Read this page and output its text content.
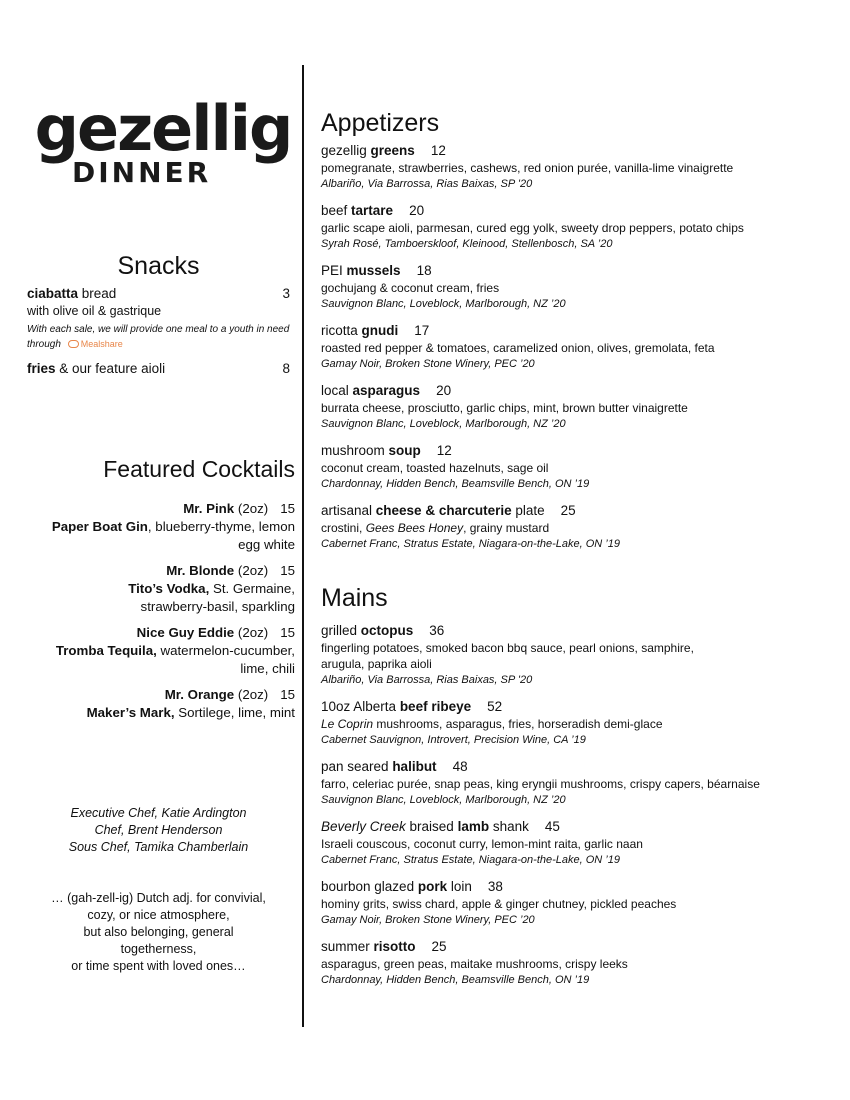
gezellig
DINNER
Snacks
ciabatta bread	3
with olive oil & gastrique
With each sale, we will provide one meal to a youth in need through Mealshare
fries & our feature aioli	8
Featured Cocktails
Mr. Pink (2oz) 15
Paper Boat Gin, blueberry-thyme, lemon egg white
Mr. Blonde (2oz) 15
Tito’s Vodka, St. Germaine, strawberry-basil, sparkling
Nice Guy Eddie (2oz) 15
Tromba Tequila, watermelon-cucumber, lime, chili
Mr. Orange (2oz) 15
Maker’s Mark, Sortilege, lime, mint
Executive Chef, Katie Ardington
Chef, Brent Henderson
Sous Chef, Tamika Chamberlain
… (gah-zell-ig) Dutch adj. for convivial,
cozy, or nice atmosphere,
but also belonging, general
togetherness,
or time spent with loved ones…
Appetizers
gezellig greens 12
pomegranate, strawberries, cashews, red onion purée, vanilla-lime vinaigrette
Albariño, Via Barrossa, Rias Baixas, SP '20
beef tartare 20
garlic scape aioli, parmesan, cured egg yolk, sweety drop peppers, potato chips
Syrah Rosé, Tamboerskloof, Kleinood, Stellenbosch, SA ’20
PEI mussels 18
gochujang & coconut cream, fries
Sauvignon Blanc, Loveblock, Marlborough, NZ ’20
ricotta gnudi 17
roasted red pepper & tomatoes, caramelized onion, olives, gremolata, feta
Gamay Noir, Broken Stone Winery, PEC ’20
local asparagus 20
burrata cheese, prosciutto, garlic chips, mint, brown butter vinaigrette
Sauvignon Blanc, Loveblock, Marlborough, NZ ’20
mushroom soup 12
coconut cream, toasted hazelnuts, sage oil
Chardonnay, Hidden Bench, Beamsville Bench, ON ’19
artisanal cheese & charcuterie plate 25
crostini, Gees Bees Honey, grainy mustard
Cabernet Franc, Stratus Estate, Niagara-on-the-Lake, ON ’19
Mains
grilled octopus 36
fingerling potatoes, smoked bacon bbq sauce, pearl onions, samphire,
arugula, paprika aioli
Albariño, Via Barrossa, Rias Baixas, SP '20
10oz Alberta beef ribeye 52
Le Coprin mushrooms, asparagus, fries, horseradish demi-glace
Cabernet Sauvignon, Introvert, Precision Wine, CA ’19
pan seared halibut 48
farro, celeriac purée, snap peas, king eryngii mushrooms, crispy capers, béarnaise
Sauvignon Blanc, Loveblock, Marlborough, NZ ’20
Beverly Creek braised lamb shank 45
Israeli couscous, coconut curry, lemon-mint raita, garlic naan
Cabernet Franc, Stratus Estate, Niagara-on-the-Lake, ON ’19
bourbon glazed pork loin 38
hominy grits, swiss chard, apple & ginger chutney, pickled peaches
Gamay Noir, Broken Stone Winery, PEC ’20
summer risotto 25
asparagus, green peas, maitake mushrooms, crispy leeks
Chardonnay, Hidden Bench, Beamsville Bench, ON ’19
